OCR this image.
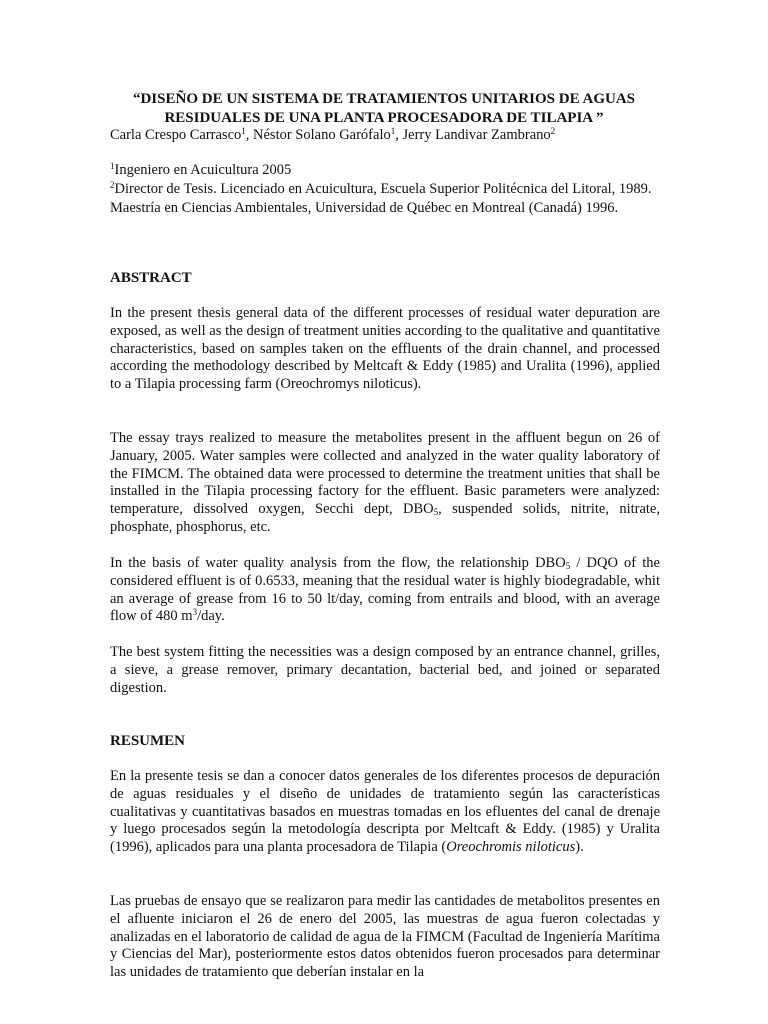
“DISEÑO DE UN SISTEMA DE TRATAMIENTOS UNITARIOS DE AGUAS
RESIDUALES DE UNA PLANTA PROCESADORA DE TILAPIA ”
Carla Crespo Carrasco$^1$, Néstor Solano Garófalo$^1$, Jerry Landivar Zambrano$^2$
$^1$Ingeniero en Acuicultura 2005
$^2$Director de Tesis. Licenciado en Acuicultura, Escuela Superior Politécnica del Litoral, 1989. Maestría en Ciencias Ambientales, Universidad de Québec en Montreal (Canadá) 1996.
ABSTRACT
In the present thesis general data of the different processes of residual water depuration are exposed, as well as the design of treatment unities according to the qualitative and quantitative characteristics, based on samples taken on the effluents of the drain channel, and processed according the methodology described by Meltcaft & Eddy (1985) and Uralita (1996), applied to a Tilapia processing farm (Oreochromys niloticus).
The essay trays realized to measure the metabolites present in the affluent begun on 26 of January, 2005. Water samples were collected and analyzed in the water quality laboratory of the FIMCM. The obtained data were processed to determine the treatment unities that shall be installed in the Tilapia processing factory for the effluent. Basic parameters were analyzed: temperature, dissolved oxygen, Secchi dept, $DBO_5$, suspended solids, nitrite, nitrate, phosphate, phosphorus, etc.
In the basis of water quality analysis from the flow, the relationship $DBO_5$ / DQO of the considered effluent is of 0.6533, meaning that the residual water is highly biodegradable, whit an average of grease from 16 to 50 lt/day, coming from entrails and blood, with an average flow of 480 $m^3$/day.
The best system fitting the necessities was a design composed by an entrance channel, grilles, a sieve, a grease remover, primary decantation, bacterial bed, and joined or separated digestion.
RESUMEN
En la presente tesis se dan a conocer datos generales de los diferentes procesos de depuración de aguas residuales y el diseño de unidades de tratamiento según las características cualitativas y cuantitativas basados en muestras tomadas en los efluentes del canal de drenaje y luego procesados según la metodología descripta por Meltcaft & Eddy. (1985) y Uralita (1996), aplicados para una planta procesadora de Tilapia (Oreochromis niloticus).
Las pruebas de ensayo que se realizaron para medir las cantidades de metabolitos presentes en el afluente iniciaron el 26 de enero del 2005, las muestras de agua fueron colectadas y analizadas en el laboratorio de calidad de agua de la FIMCM (Facultad de Ingeniería Marítima y Ciencias del Mar), posteriormente estos datos obtenidos fueron procesados para determinar las unidades de tratamiento que deberían instalar en la
